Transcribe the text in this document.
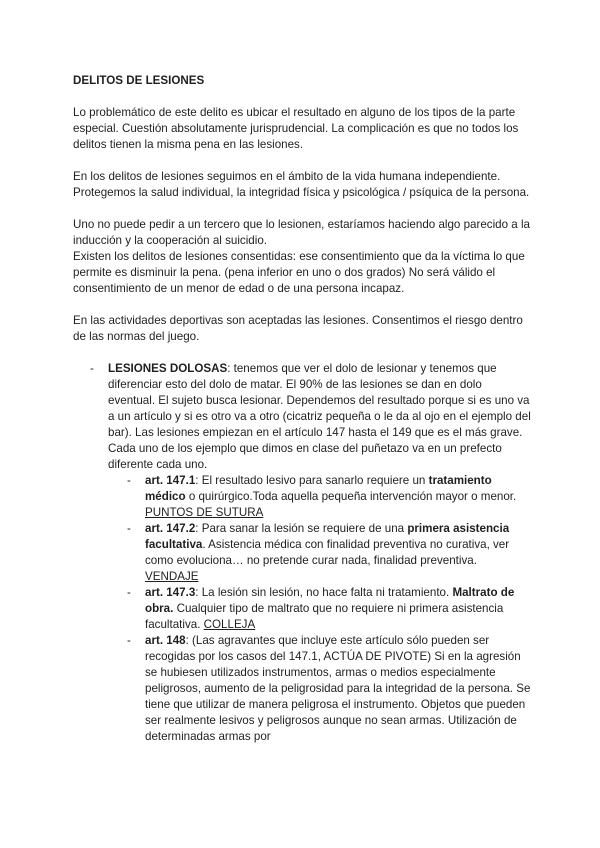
DELITOS DE LESIONES

Lo problemático de este delito es ubicar el resultado en alguno de los tipos de la parte especial. Cuestión absolutamente jurisprudencial. La complicación es que no todos los delitos tienen la misma pena en las lesiones.

En los delitos de lesiones seguimos en el ámbito de la vida humana independiente. Protegemos la salud individual, la integridad física y psicológica / psíquica de la persona.

Uno no puede pedir a un tercero que lo lesionen, estaríamos haciendo algo parecido a la inducción y la cooperación al suicidio.

Existen los delitos de lesiones consentidas: ese consentimiento que da la víctima lo que permite es disminuir la pena. (pena inferior en uno o dos grados) No será válido el consentimiento de un menor de edad o de una persona incapaz.

En las actividades deportivas son aceptadas las lesiones. Consentimos el riesgo dentro de las normas del juego.

- LESIONES DOLOSAS: tenemos que ver el dolo de lesionar y tenemos que diferenciar esto del dolo de matar. El 90% de las lesiones se dan en dolo eventual. El sujeto busca lesionar. Dependemos del resultado porque si es uno va a un artículo y si es otro va a otro (cicatriz pequeña o le da al ojo en el ejemplo del bar). Las lesiones empiezan en el artículo 147 hasta el 149 que es el más grave. Cada uno de los ejemplo que dimos en clase del puñetazo va en un prefecto diferente cada uno.
- art. 147.1: El resultado lesivo para sanarlo requiere un tratamiento médico o quirúrgico.Toda aquella pequeña intervención mayor o menor. PUNTOS DE SUTURA
- art. 147.2: Para sanar la lesión se requiere de una primera asistencia facultativa. Asistencia médica con finalidad preventiva no curativa, ver como evoluciona… no pretende curar nada, finalidad preventiva. VENDAJE
- art. 147.3: La lesión sin lesión, no hace falta ni tratamiento. Maltrato de obra. Cualquier tipo de maltrato que no requiere ni primera asistencia facultativa. COLLEJA
- art. 148: (Las agravantes que incluye este artículo sólo pueden ser recogidas por los casos del 147.1, ACTÚA DE PIVOTE) Si en la agresión se hubiesen utilizados instrumentos, armas o medios especialmente peligrosos, aumento de la peligrosidad para la integridad de la persona. Se tiene que utilizar de manera peligrosa el instrumento. Objetos que pueden ser realmente lesivos y peligrosos aunque no sean armas. Utilización de determinadas armas por
